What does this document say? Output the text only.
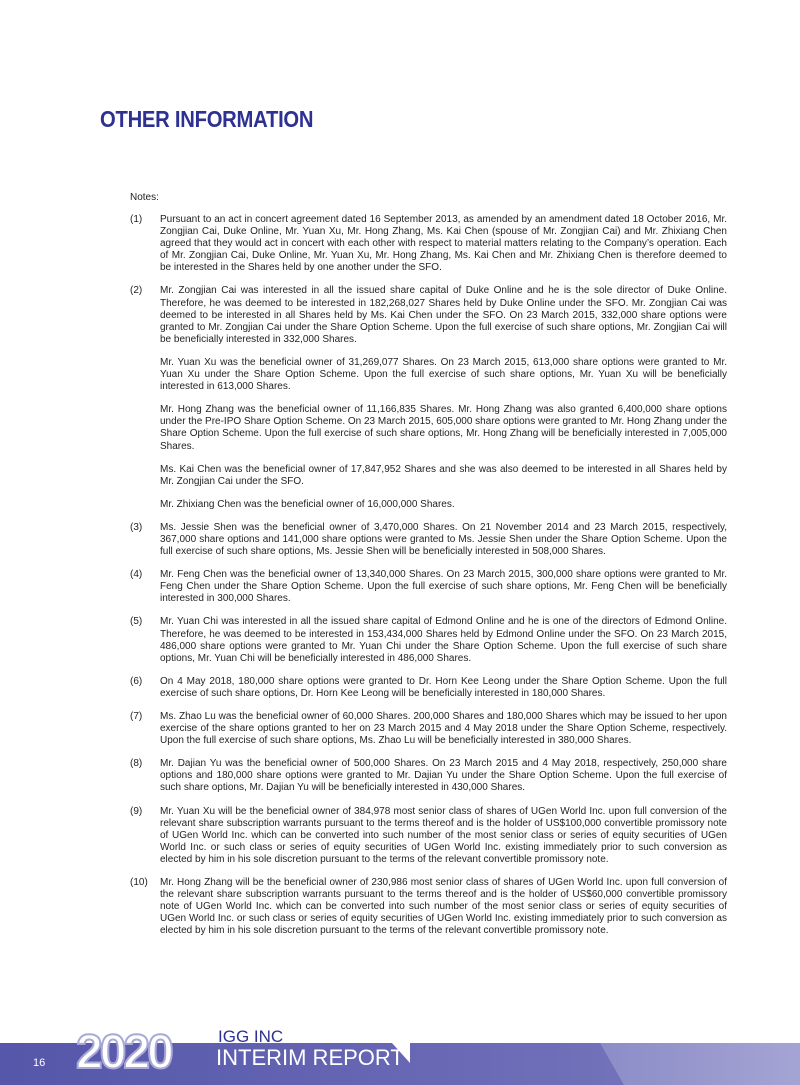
OTHER INFORMATION
Notes:
(1)	Pursuant to an act in concert agreement dated 16 September 2013, as amended by an amendment dated 18 October 2016, Mr. Zongjian Cai, Duke Online, Mr. Yuan Xu, Mr. Hong Zhang, Ms. Kai Chen (spouse of Mr. Zongjian Cai) and Mr. Zhixiang Chen agreed that they would act in concert with each other with respect to material matters relating to the Company’s operation. Each of Mr. Zongjian Cai, Duke Online, Mr. Yuan Xu, Mr. Hong Zhang, Ms. Kai Chen and Mr. Zhixiang Chen is therefore deemed to be interested in the Shares held by one another under the SFO.

(2)	Mr. Zongjian Cai was interested in all the issued share capital of Duke Online and he is the sole director of Duke Online. Therefore, he was deemed to be interested in 182,268,027 Shares held by Duke Online under the SFO. Mr. Zongjian Cai was deemed to be interested in all Shares held by Ms. Kai Chen under the SFO. On 23 March 2015, 332,000 share options were granted to Mr. Zongjian Cai under the Share Option Scheme. Upon the full exercise of such share options, Mr. Zongjian Cai will be beneficially interested in 332,000 Shares.

Mr. Yuan Xu was the beneficial owner of 31,269,077 Shares. On 23 March 2015, 613,000 share options were granted to Mr. Yuan Xu under the Share Option Scheme. Upon the full exercise of such share options, Mr. Yuan Xu will be beneficially interested in 613,000 Shares.

Mr. Hong Zhang was the beneficial owner of 11,166,835 Shares. Mr. Hong Zhang was also granted 6,400,000 share options under the Pre-IPO Share Option Scheme. On 23 March 2015, 605,000 share options were granted to Mr. Hong Zhang under the Share Option Scheme. Upon the full exercise of such share options, Mr. Hong Zhang will be beneficially interested in 7,005,000 Shares.

Ms. Kai Chen was the beneficial owner of 17,847,952 Shares and she was also deemed to be interested in all Shares held by Mr. Zongjian Cai under the SFO.

Mr. Zhixiang Chen was the beneficial owner of 16,000,000 Shares.

(3)	Ms. Jessie Shen was the beneficial owner of 3,470,000 Shares. On 21 November 2014 and 23 March 2015, respectively, 367,000 share options and 141,000 share options were granted to Ms. Jessie Shen under the Share Option Scheme. Upon the full exercise of such share options, Ms. Jessie Shen will be beneficially interested in 508,000 Shares.

(4)	Mr. Feng Chen was the beneficial owner of 13,340,000 Shares. On 23 March 2015, 300,000 share options were granted to Mr. Feng Chen under the Share Option Scheme. Upon the full exercise of such share options, Mr. Feng Chen will be beneficially interested in 300,000 Shares.

(5)	Mr. Yuan Chi was interested in all the issued share capital of Edmond Online and he is one of the directors of Edmond Online. Therefore, he was deemed to be interested in 153,434,000 Shares held by Edmond Online under the SFO. On 23 March 2015, 486,000 share options were granted to Mr. Yuan Chi under the Share Option Scheme. Upon the full exercise of such share options, Mr. Yuan Chi will be beneficially interested in 486,000 Shares.

(6)	On 4 May 2018, 180,000 share options were granted to Dr. Horn Kee Leong under the Share Option Scheme. Upon the full exercise of such share options, Dr. Horn Kee Leong will be beneficially interested in 180,000 Shares.

(7)	Ms. Zhao Lu was the beneficial owner of 60,000 Shares. 200,000 Shares and 180,000 Shares which may be issued to her upon exercise of the share options granted to her on 23 March 2015 and 4 May 2018 under the Share Option Scheme, respectively. Upon the full exercise of such share options, Ms. Zhao Lu will be beneficially interested in 380,000 Shares.

(8)	Mr. Dajian Yu was the beneficial owner of 500,000 Shares. On 23 March 2015 and 4 May 2018, respectively, 250,000 share options and 180,000 share options were granted to Mr. Dajian Yu under the Share Option Scheme. Upon the full exercise of such share options, Mr. Dajian Yu will be beneficially interested in 430,000 Shares.

(9)	Mr. Yuan Xu will be the beneficial owner of 384,978 most senior class of shares of UGen World Inc. upon full conversion of the relevant share subscription warrants pursuant to the terms thereof and is the holder of US$100,000 convertible promissory note of UGen World Inc. which can be converted into such number of the most senior class or series of equity securities of UGen World Inc. or such class or series of equity securities of UGen World Inc. existing immediately prior to such conversion as elected by him in his sole discretion pursuant to the terms of the relevant convertible promissory note.

(10)	Mr. Hong Zhang will be the beneficial owner of 230,986 most senior class of shares of UGen World Inc. upon full conversion of the relevant share subscription warrants pursuant to the terms thereof and is the holder of US$60,000 convertible promissory note of UGen World Inc. which can be converted into such number of the most senior class or series of equity securities of UGen World Inc. or such class or series of equity securities of UGen World Inc. existing immediately prior to such conversion as elected by him in his sole discretion pursuant to the terms of the relevant convertible promissory note.

16 2020	IGG INC
INTERIM REPORT
